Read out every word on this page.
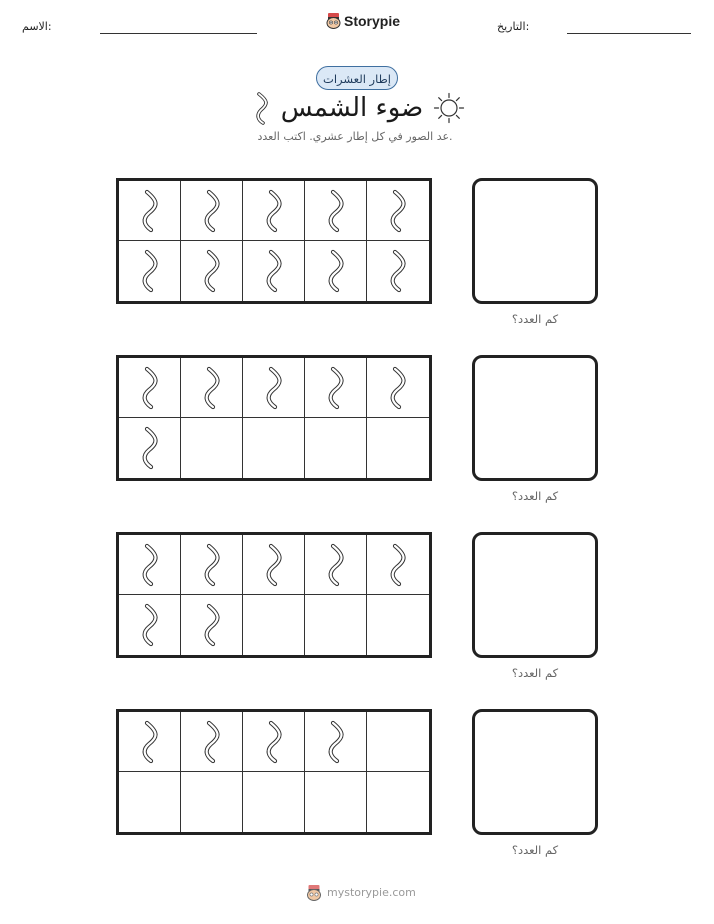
الاسم:	Storypie	التاريخ:
إطار العشرات
ضوء الشمس
عد الصور في كل إطار عشري. اكتب العدد.
كم العدد؟
كم العدد؟
كم العدد؟
كم العدد؟
mystorypie.com
